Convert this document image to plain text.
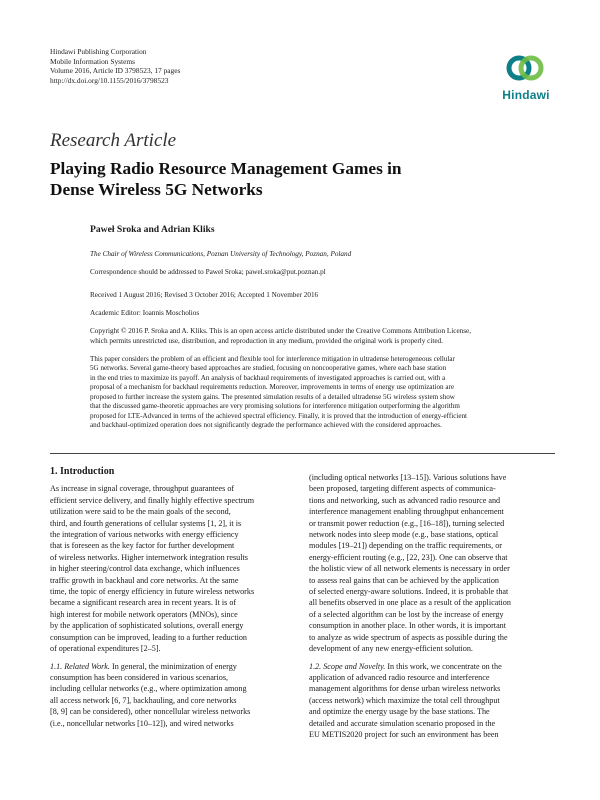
Hindawi Publishing Corporation
Mobile Information Systems
Volume 2016, Article ID 3798523, 17 pages
http://dx.doi.org/10.1155/2016/3798523
Hindawi
Research Article
Playing Radio Resource Management Games in
Dense Wireless 5G Networks
Paweł Sroka and Adrian Kliks
The Chair of Wireless Communications, Poznan University of Technology, Poznan, Poland
Correspondence should be addressed to Paweł Sroka; pawel.sroka@put.poznan.pl
Received 1 August 2016; Revised 3 October 2016; Accepted 1 November 2016
Academic Editor: Ioannis Moscholios
Copyright © 2016 P. Sroka and A. Kliks. This is an open access article distributed under the Creative Commons Attribution License,
which permits unrestricted use, distribution, and reproduction in any medium, provided the original work is properly cited.
This paper considers the problem of an efficient and flexible tool for interference mitigation in ultradense heterogeneous cellular
5G networks. Several game-theory based approaches are studied, focusing on noncooperative games, where each base station
in the end tries to maximize its payoff. An analysis of backhaul requirements of investigated approaches is carried out, with a
proposal of a mechanism for backhaul requirements reduction. Moreover, improvements in terms of energy use optimization are
proposed to further increase the system gains. The presented simulation results of a detailed ultradense 5G wireless system show
that the discussed game-theoretic approaches are very promising solutions for interference mitigation outperforming the algorithm
proposed for LTE-Advanced in terms of the achieved spectral efficiency. Finally, it is proved that the introduction of energy-efficient
and backhaul-optimized operation does not significantly degrade the performance achieved with the considered approaches.
1. Introduction
As increase in signal coverage, throughput guarantees of
efficient service delivery, and finally highly effective spectrum
utilization were said to be the main goals of the second,
third, and fourth generations of cellular systems [1, 2], it is
the integration of various networks with energy efficiency
that is foreseen as the key factor for further development
of wireless networks. Higher internetwork integration results
in higher steering/control data exchange, which influences
traffic growth in backhaul and core networks. At the same
time, the topic of energy efficiency in future wireless networks
became a significant research area in recent years. It is of
high interest for mobile network operators (MNOs), since
by the application of sophisticated solutions, overall energy
consumption can be improved, leading to a further reduction
of operational expenditures [2–5].
1.1. Related Work. In general, the minimization of energy
consumption has been considered in various scenarios,
including cellular networks (e.g., where optimization among
all access network [6, 7], backhauling, and core networks
[8, 9] can be considered), other noncellular wireless networks
(i.e., noncellular networks [10–12]), and wired networks
(including optical networks [13–15]). Various solutions have
been proposed, targeting different aspects of communica-
tions and networking, such as advanced radio resource and
interference management enabling throughput enhancement
or transmit power reduction (e.g., [16–18]), turning selected
network nodes into sleep mode (e.g., base stations, optical
modules [19–21]) depending on the traffic requirements, or
energy-efficient routing (e.g., [22, 23]). One can observe that
the holistic view of all network elements is necessary in order
to assess real gains that can be achieved by the application
of selected energy-aware solutions. Indeed, it is probable that
all benefits observed in one place as a result of the application
of a selected algorithm can be lost by the increase of energy
consumption in another place. In other words, it is important
to analyze as wide spectrum of aspects as possible during the
development of any new energy-efficient solution.
1.2. Scope and Novelty. In this work, we concentrate on the
application of advanced radio resource and interference
management algorithms for dense urban wireless networks
(access network) which maximize the total cell throughput
and optimize the energy usage by the base stations. The
detailed and accurate simulation scenario proposed in the
EU METIS2020 project for such an environment has been
